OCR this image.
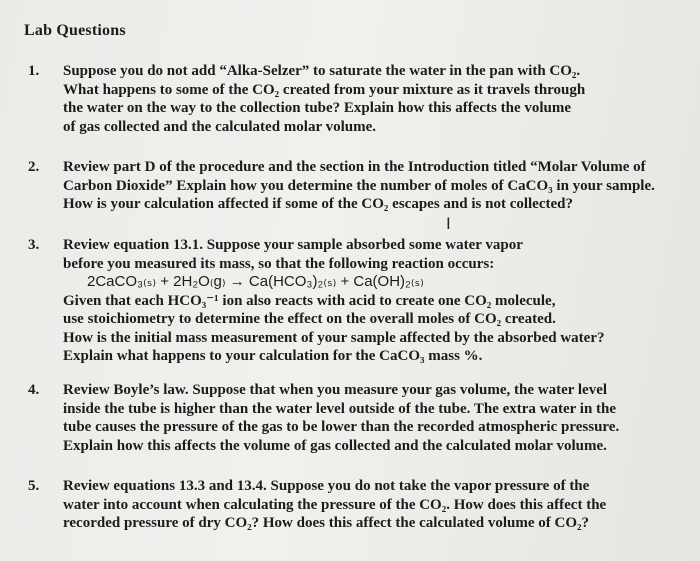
Lab Questions
1. Suppose you do not add “Alka-Selzer” to saturate the water in the pan with CO₂.
What happens to some of the CO₂ created from your mixture as it travels through
the water on the way to the collection tube? Explain how this affects the volume
of gas collected and the calculated molar volume.
2. Review part D of the procedure and the section in the Introduction titled “Molar Volume of
Carbon Dioxide” Explain how you determine the number of moles of CaCO₃ in your sample.
How is your calculation affected if some of the CO₂ escapes and is not collected?
3. Review equation 13.1. Suppose your sample absorbed some water vapor
before you measured its mass, so that the following reaction occurs:
2CaCO₃₍ₛ₎ + 2H₂O₍g₎ → Ca(HCO₃)₂₍ₛ₎ + Ca(OH)₂₍ₛ₎
Given that each HCO₃⁻¹ ion also reacts with acid to create one CO₂ molecule,
use stoichiometry to determine the effect on the overall moles of CO₂ created.
How is the initial mass measurement of your sample affected by the absorbed water?
Explain what happens to your calculation for the CaCO₃ mass %.
4. Review Boyle’s law. Suppose that when you measure your gas volume, the water level
inside the tube is higher than the water level outside of the tube. The extra water in the
tube causes the pressure of the gas to be lower than the recorded atmospheric pressure.
Explain how this affects the volume of gas collected and the calculated molar volume.
5. Review equations 13.3 and 13.4. Suppose you do not take the vapor pressure of the
water into account when calculating the pressure of the CO₂. How does this affect the
recorded pressure of dry CO₂? How does this affect the calculated volume of CO₂?
I
